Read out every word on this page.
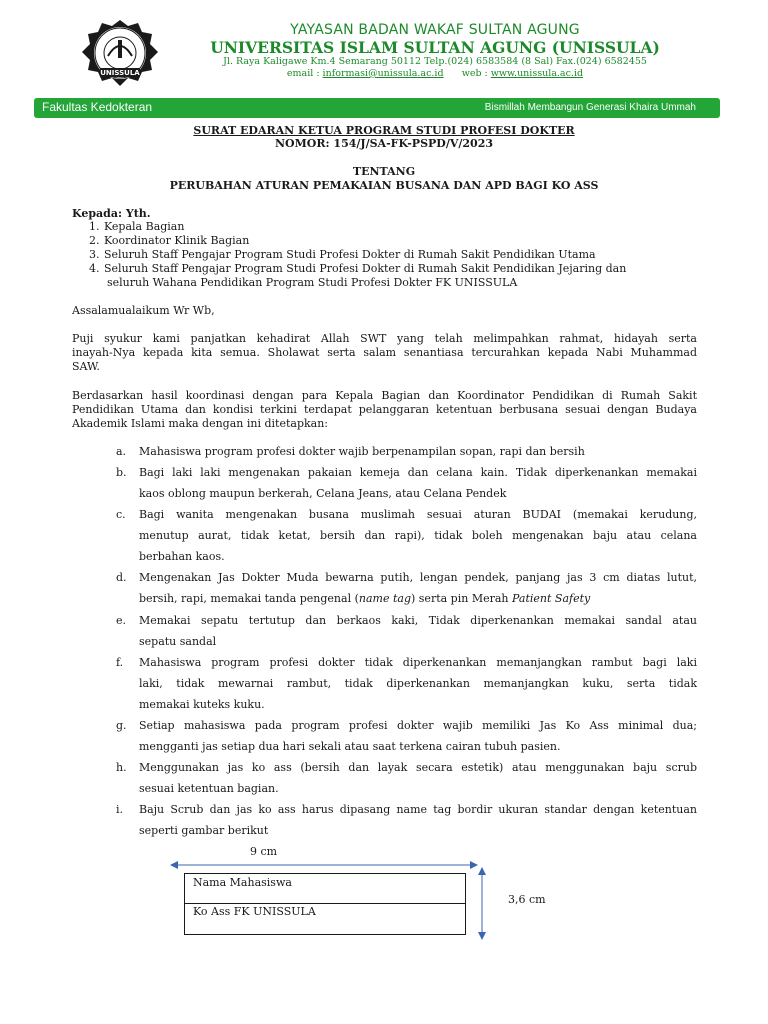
UNISSULA
YAYASAN BADAN WAKAF SULTAN AGUNG
UNIVERSITAS ISLAM SULTAN AGUNG (UNISSULA)
Jl. Raya Kaligawe Km.4 Semarang 50112 Telp.(024) 6583584 (8 Sal) Fax.(024) 6582455
email : informasi@unissula.ac.id web : www.unissula.ac.id
Fakultas Kedokteran	Bismillah Membangun Generasi Khaira Ummah
SURAT EDARAN KETUA PROGRAM STUDI PROFESI DOKTER
NOMOR: 154/J/SA-FK-PSPD/V/2023
TENTANG
PERUBAHAN ATURAN PEMAKAIAN BUSANA DAN APD BAGI KO ASS
Kepada: Yth.
1. Kepala Bagian
2. Koordinator Klinik Bagian
3. Seluruh Staff Pengajar Program Studi Profesi Dokter di Rumah Sakit Pendidikan Utama
4. Seluruh Staff Pengajar Program Studi Profesi Dokter di Rumah Sakit Pendidikan Jejaring dan
seluruh Wahana Pendidikan Program Studi Profesi Dokter FK UNISSULA
Assalamualaikum Wr Wb,
Puji syukur kami panjatkan kehadirat Allah SWT yang telah melimpahkan rahmat, hidayah serta
inayah-Nya kepada kita semua. Sholawat serta salam senantiasa tercurahkan kepada Nabi Muhammad
SAW.
Berdasarkan hasil koordinasi dengan para Kepala Bagian dan Koordinator Pendidikan di Rumah Sakit
Pendidikan Utama dan kondisi terkini terdapat pelanggaran ketentuan berbusana sesuai dengan Budaya
Akademik Islami maka dengan ini ditetapkan:
a. Mahasiswa program profesi dokter wajib berpenampilan sopan, rapi dan bersih
b. Bagi laki laki mengenakan pakaian kemeja dan celana kain. Tidak diperkenankan memakai
kaos oblong maupun berkerah, Celana Jeans, atau Celana Pendek
c. Bagi wanita mengenakan busana muslimah sesuai aturan BUDAI (memakai kerudung,
menutup aurat, tidak ketat, bersih dan rapi), tidak boleh mengenakan baju atau celana
berbahan kaos.
d. Mengenakan Jas Dokter Muda bewarna putih, lengan pendek, panjang jas 3 cm diatas lutut,
bersih, rapi, memakai tanda pengenal (name tag) serta pin Merah Patient Safety
e. Memakai sepatu tertutup dan berkaos kaki, Tidak diperkenankan memakai sandal atau
sepatu sandal
f. Mahasiswa program profesi dokter tidak diperkenankan memanjangkan rambut bagi laki
laki, tidak mewarnai rambut, tidak diperkenankan memanjangkan kuku, serta tidak
memakai kuteks kuku.
g. Setiap mahasiswa pada program profesi dokter wajib memiliki Jas Ko Ass minimal dua;
mengganti jas setiap dua hari sekali atau saat terkena cairan tubuh pasien.
h. Menggunakan jas ko ass (bersih dan layak secara estetik) atau menggunakan baju scrub
sesuai ketentuan bagian.
i. Baju Scrub dan jas ko ass harus dipasang name tag bordir ukuran standar dengan ketentuan
seperti gambar berikut
9 cm
Nama Mahasiswa
Ko Ass FK UNISSULA
3,6 cm
